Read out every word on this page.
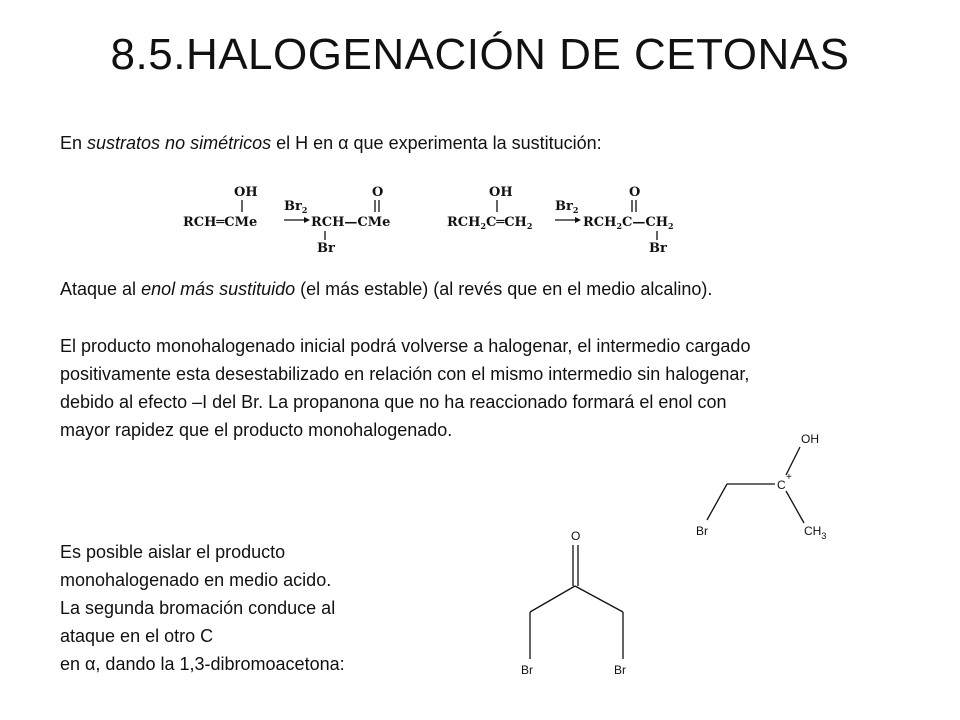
8.5.HALOGENACIÓN DE CETONAS
En sustratos no simétricos el H en α que experimenta la sustitución:
OH
RCH═CMe
$Br_2$
O
RCH—CMe
Br
OH
$RCH_2C═CH_2$
$Br_2$
O
$RCH_2C—CH_2$
Br
Ataque al enol más sustituido (el más estable) (al revés que en el medio alcalino).
El producto monohalogenado inicial podrá volverse a halogenar, el intermedio cargado
positivamente esta desestabilizado en relación con el mismo intermedio sin halogenar,
debido al efecto –I del Br. La propanona que no ha reaccionado formará el enol con
mayor rapidez que el producto monohalogenado.	OH
C
+
Br	$CH_3$
Es posible aislar el producto
monohalogenado en medio acido.
La segunda bromación conduce al
ataque en el otro C
en α, dando la 1,3-dibromoacetona:
O
Br	Br
